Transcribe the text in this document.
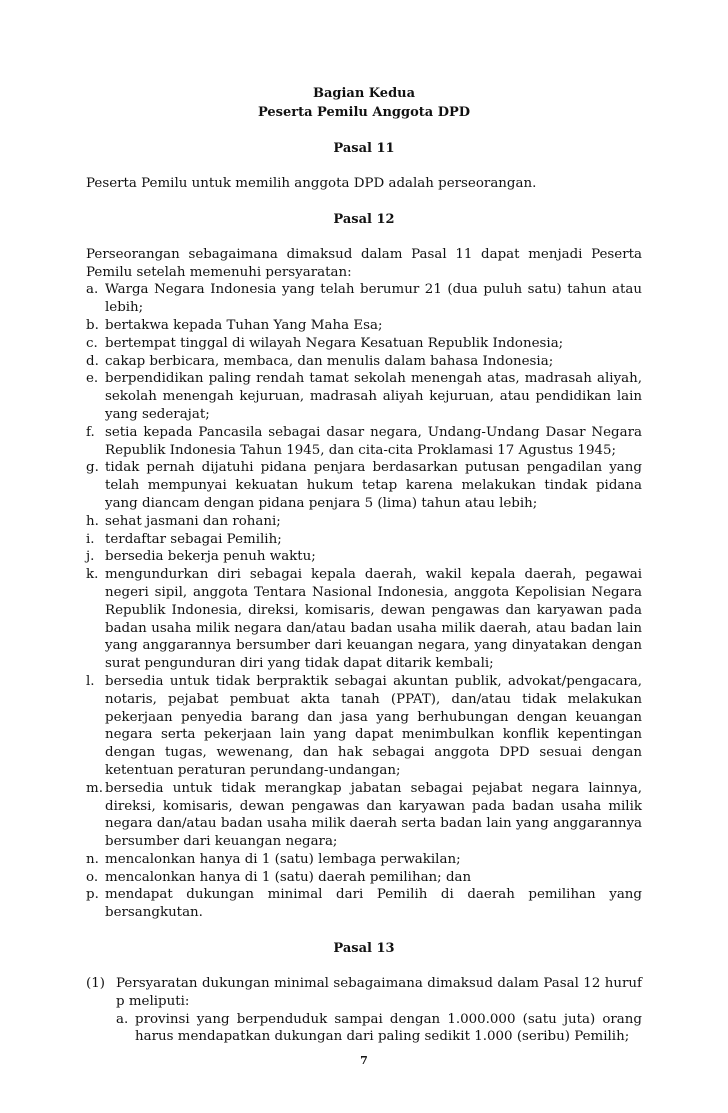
Bagian Kedua
Peserta Pemilu Anggota DPD
Pasal 11

Peserta Pemilu untuk memilih anggota DPD adalah perseorangan.

Pasal 12

Perseorangan sebagaimana dimaksud dalam Pasal 11 dapat menjadi Peserta Pemilu setelah memenuhi persyaratan:

a. Warga Negara Indonesia yang telah berumur 21 (dua puluh satu) tahun atau lebih;
b. bertakwa kepada Tuhan Yang Maha Esa;
c. bertempat tinggal di wilayah Negara Kesatuan Republik Indonesia;
d. cakap berbicara, membaca, dan menulis dalam bahasa Indonesia;
e. berpendidikan paling rendah tamat sekolah menengah atas, madrasah aliyah, sekolah menengah kejuruan, madrasah aliyah kejuruan, atau pendidikan lain yang sederajat;
f. setia kepada Pancasila sebagai dasar negara, Undang-Undang Dasar Negara Republik Indonesia Tahun 1945, dan cita-cita Proklamasi 17 Agustus 1945;
g. tidak pernah dijatuhi pidana penjara berdasarkan putusan pengadilan yang telah mempunyai kekuatan hukum tetap karena melakukan tindak pidana yang diancam dengan pidana penjara 5 (lima) tahun atau lebih;
h. sehat jasmani dan rohani;
i. terdaftar sebagai Pemilih;
j. bersedia bekerja penuh waktu;
k. mengundurkan diri sebagai kepala daerah, wakil kepala daerah, pegawai negeri sipil, anggota Tentara Nasional Indonesia, anggota Kepolisian Negara Republik Indonesia, direksi, komisaris, dewan pengawas dan karyawan pada badan usaha milik negara dan/atau badan usaha milik daerah, atau badan lain yang anggarannya bersumber dari keuangan negara, yang dinyatakan dengan surat pengunduran diri yang tidak dapat ditarik kembali;
l. bersedia untuk tidak berpraktik sebagai akuntan publik, advokat/pengacara, notaris, pejabat pembuat akta tanah (PPAT), dan/atau tidak melakukan pekerjaan penyedia barang dan jasa yang berhubungan dengan keuangan negara serta pekerjaan lain yang dapat menimbulkan konflik kepentingan dengan tugas, wewenang, dan hak sebagai anggota DPD sesuai dengan ketentuan peraturan perundang-undangan;
m. bersedia untuk tidak merangkap jabatan sebagai pejabat negara lainnya, direksi, komisaris, dewan pengawas dan karyawan pada badan usaha milik negara dan/atau badan usaha milik daerah serta badan lain yang anggarannya bersumber dari keuangan negara;
n. mencalonkan hanya di 1 (satu) lembaga perwakilan;
o. mencalonkan hanya di 1 (satu) daerah pemilihan; dan
p. mendapat dukungan minimal dari Pemilih di daerah pemilihan yang bersangkutan.
Pasal 13
(1) Persyaratan dukungan minimal sebagaimana dimaksud dalam Pasal 12 huruf p meliputi:
a. provinsi yang berpenduduk sampai dengan 1.000.000 (satu juta) orang harus mendapatkan dukungan dari paling sedikit 1.000 (seribu) Pemilih;
7
